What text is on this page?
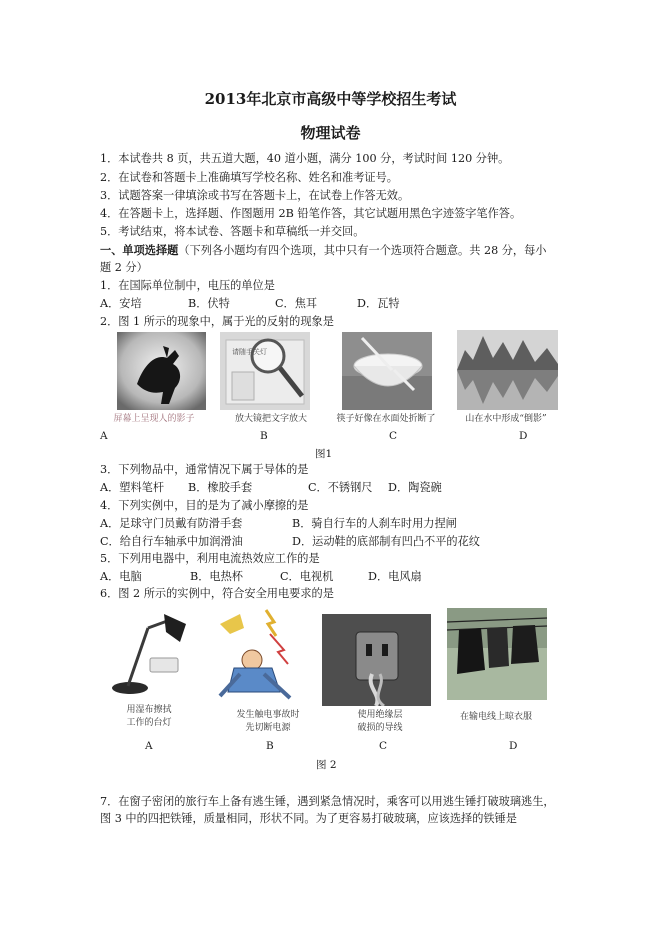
2013年北京市高级中等学校招生考试
物理试卷
1．本试卷共 8 页，共五道大题，40 道小题，满分 100 分，考试时间 120 分钟。
2．在试卷和答题卡上准确填写学校名称、姓名和准考证号。
3．试题答案一律填涂或书写在答题卡上，在试卷上作答无效。
4．在答题卡上，选择题、作图题用 2B 铅笔作答，其它试题用黑色字迹签字笔作答。
5．考试结束，将本试卷、答题卡和草稿纸一并交回。
一、单项选择题（下列各小题均有四个选项，其中只有一个选项符合题意。共 28 分，每小
题 2 分）
1．在国际单位制中，电压的单位是
A．安培	B．伏特	C．焦耳	D．瓦特
2．图 1 所示的现象中，属于光的反射的现象是
请随手关灯
屏幕上呈现人的影子	放大镜把文字放大	筷子好像在水面处折断了	山在水中形成“倒影”
A	B	C	D
图1
3．下列物品中，通常情况下属于导体的是
A．塑料笔杆 B．橡胶手套	C．不锈钢尺 D．陶瓷碗
4．下列实例中，目的是为了减小摩擦的是
A．足球守门员戴有防滑手套	B．骑自行车的人刹车时用力捏闸
C．给自行车轴承中加润滑油	D．运动鞋的底部制有凹凸不平的花纹
5．下列用电器中，利用电流热效应工作的是
A．电脑	B．电热杯	C．电视机	D．电风扇
6．图 2 所示的实例中，符合安全用电要求的是
用湿布擦拭
工作的台灯
发生触电事故时
先切断电源
使用绝缘层
破损的导线
在输电线上晾衣服
A	B	C	D
图 2
7．在窗子密闭的旅行车上备有逃生锤，遇到紧急情况时，乘客可以用逃生锤打破玻璃逃生，
图 3 中的四把铁锤，质量相同，形状不同。为了更容易打破玻璃，应该选择的铁锤是
